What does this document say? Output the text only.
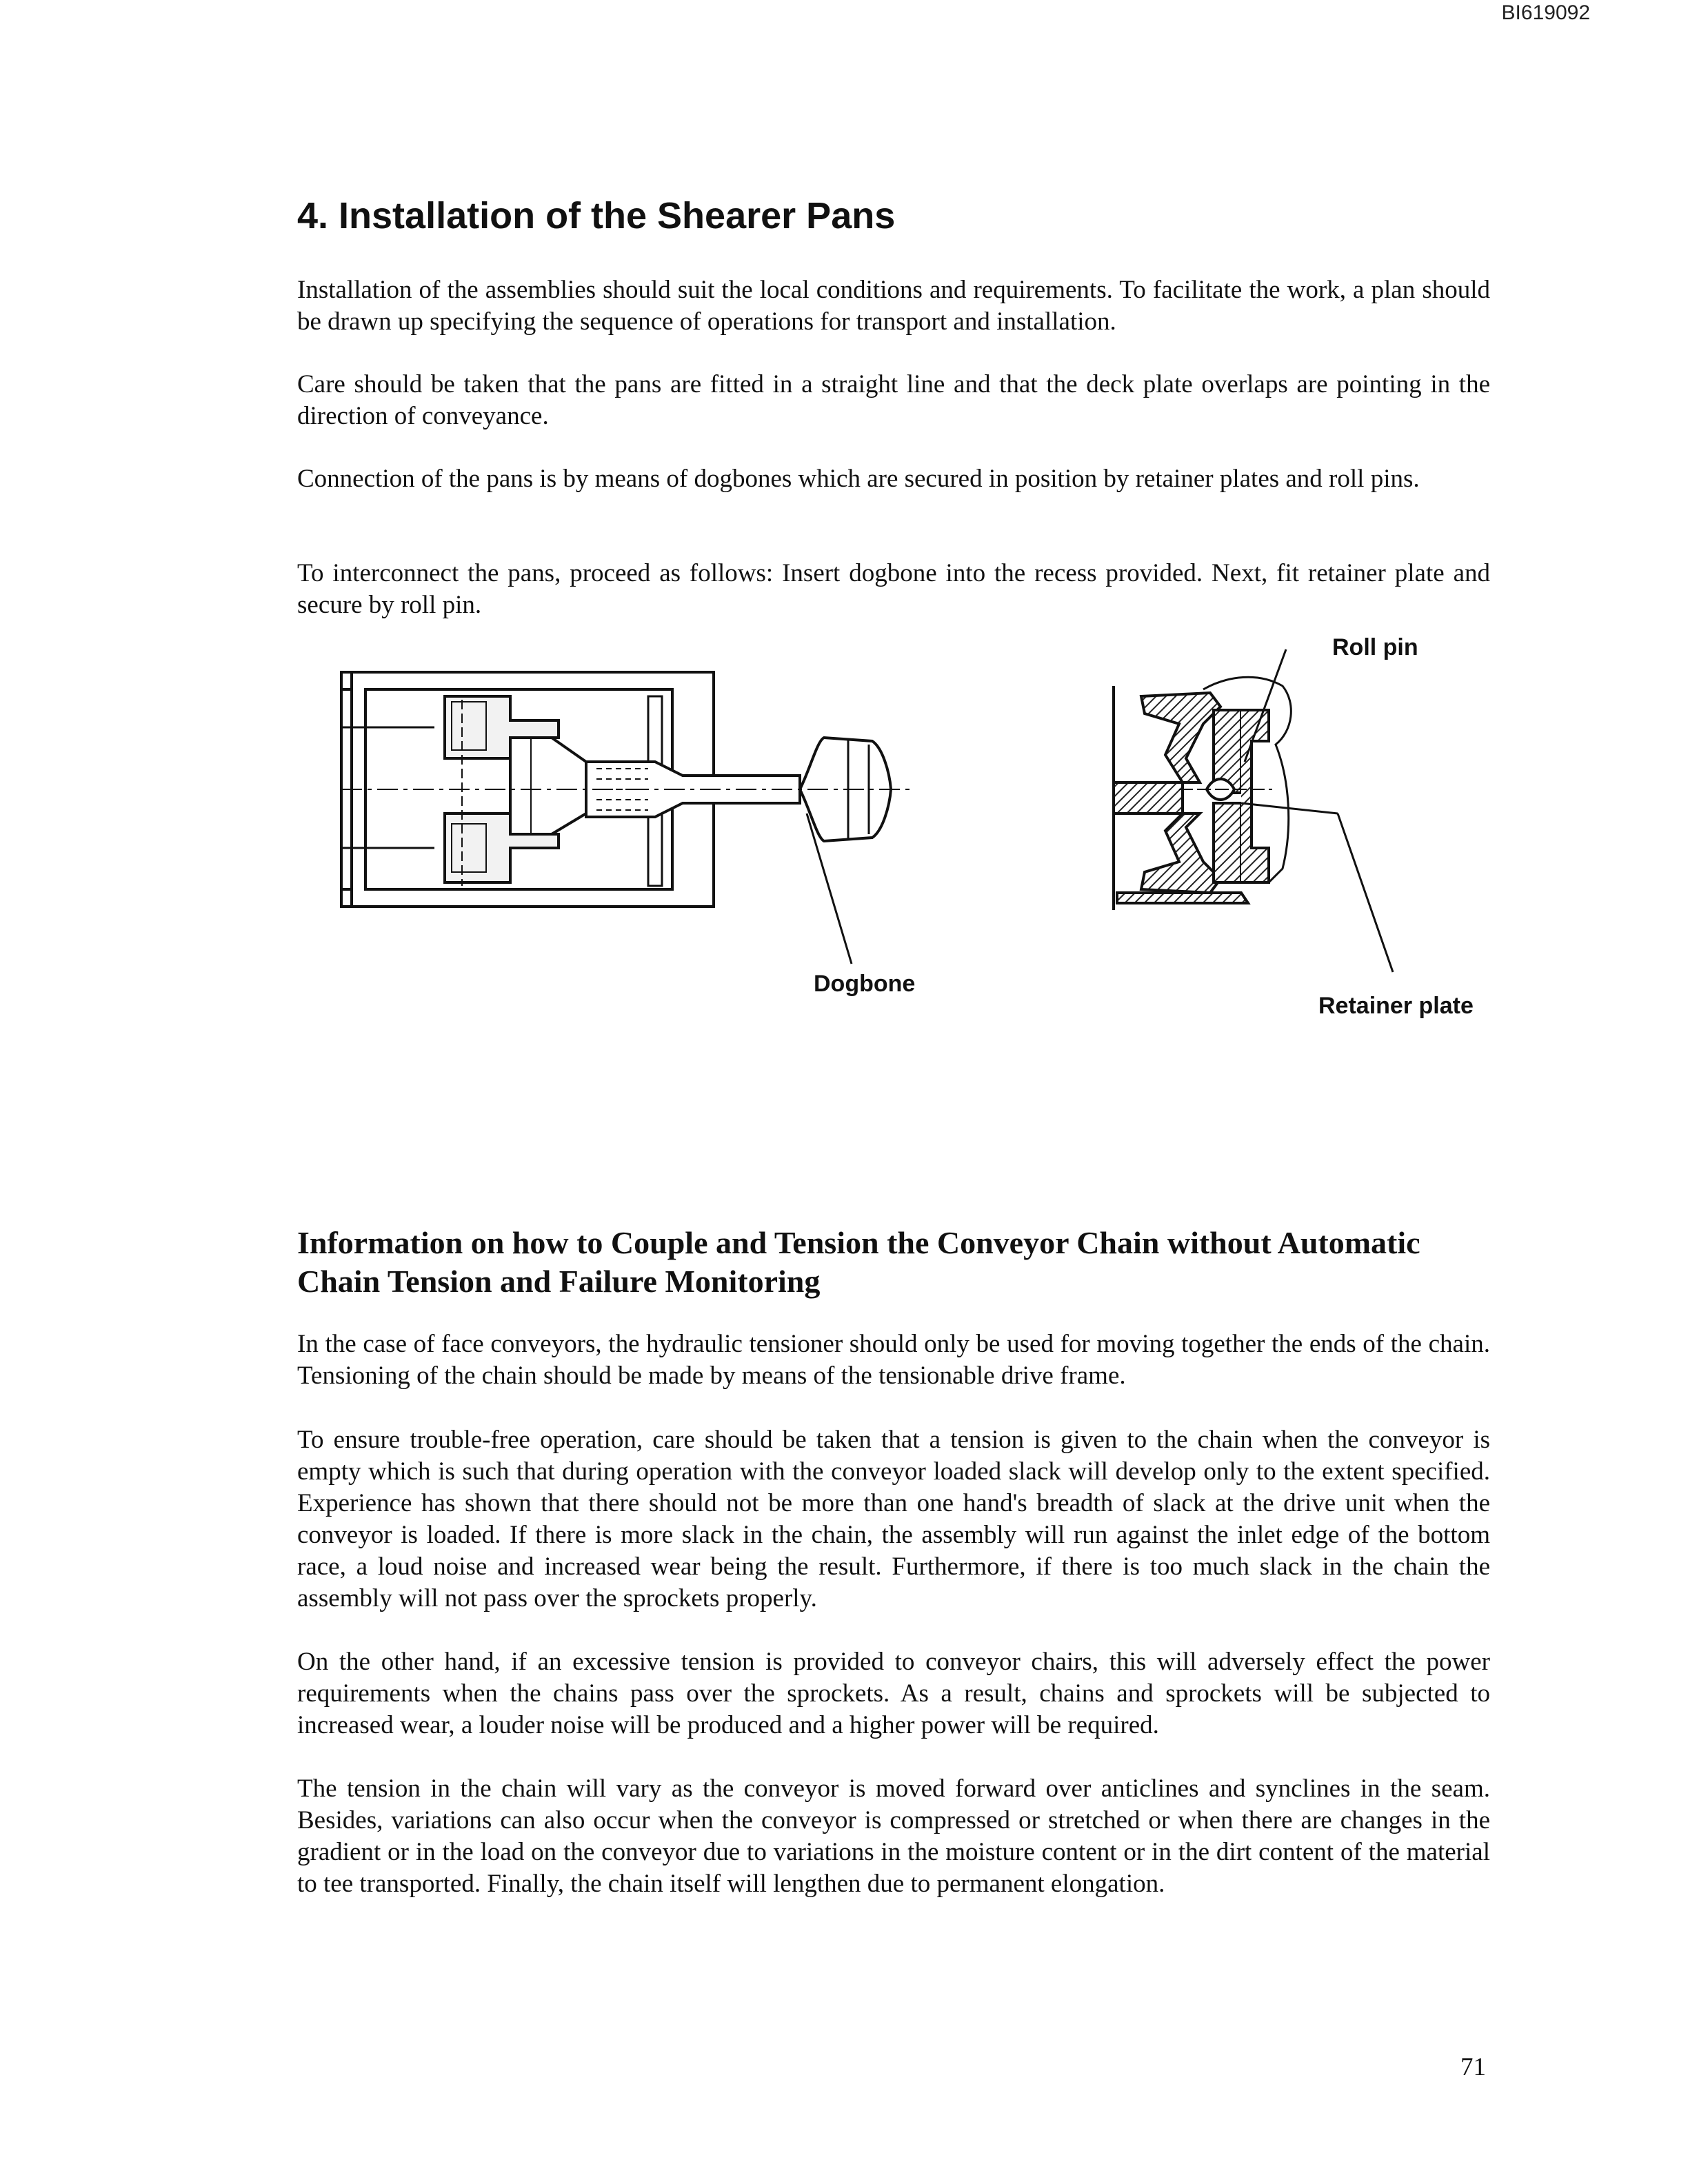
BI619092
4. Installation of the Shearer Pans

Installation of the assemblies should suit the local conditions and requirements. To facilitate the work, a plan should be drawn up specifying the sequence of operations for transport and installation.

Care should be taken that the pans are fitted in a straight line and that the deck plate overlaps are pointing in the direction of conveyance.

Connection of the pans is by means of dogbones which are secured in position by retainer plates and roll pins.

To interconnect the pans, proceed as follows: Insert dogbone into the recess provided. Next, fit retainer plate and secure by roll pin.

Roll pin
Dogbone
Retainer plate
Information on how to Couple and Tension the Conveyor Chain without Automatic Chain Tension and Failure Monitoring

In the case of face conveyors, the hydraulic tensioner should only be used for moving together the ends of the chain. Tensioning of the chain should be made by means of the tensionable drive frame.

To ensure trouble-free operation, care should be taken that a tension is given to the chain when the conveyor is empty which is such that during operation with the conveyor loaded slack will develop only to the extent specified. Experience has shown that there should not be more than one hand's breadth of slack at the drive unit when the conveyor is loaded. If there is more slack in the chain, the assembly will run against the inlet edge of the bottom race, a loud noise and increased wear being the result. Furthermore, if there is too much slack in the chain the assembly will not pass over the sprockets properly.

On the other hand, if an excessive tension is provided to conveyor chairs, this will adversely effect the power requirements when the chains pass over the sprockets. As a result, chains and sprockets will be subjected to increased wear, a louder noise will be produced and a higher power will be required.

The tension in the chain will vary as the conveyor is moved forward over anticlines and synclines in the seam. Besides, variations can also occur when the conveyor is compressed or stretched or when there are changes in the gradient or in the load on the conveyor due to variations in the moisture content or in the dirt content of the material to tee transported. Finally, the chain itself will lengthen due to permanent elongation.

71
